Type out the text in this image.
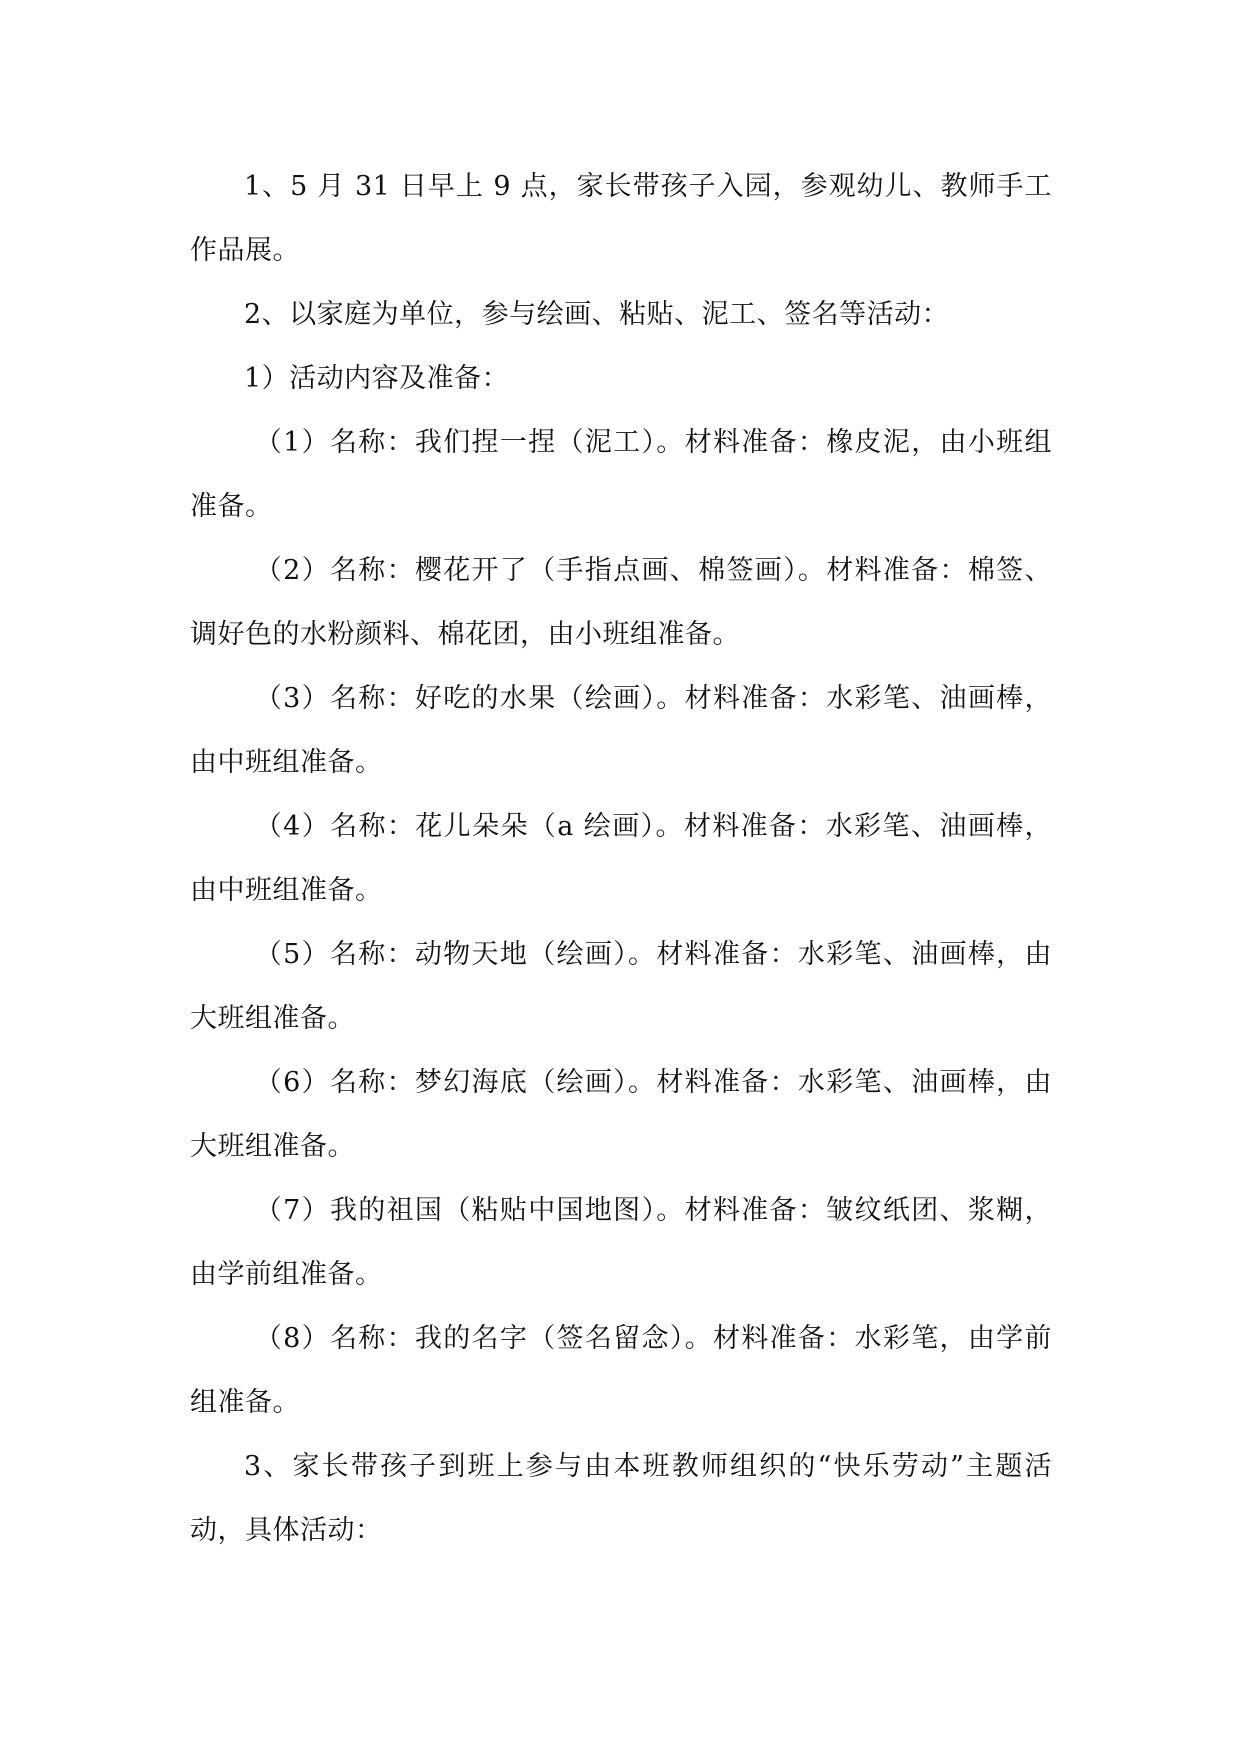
1、5 月 31 日早上 9 点，家长带孩子入园，参观幼儿、教师手工作品展。

2、以家庭为单位，参与绘画、粘贴、泥工、签名等活动：

1）活动内容及准备：

（1）名称：我们捏一捏（泥工）。材料准备：橡皮泥，由小班组准备。

（2）名称：樱花开了（手指点画、棉签画）。材料准备：棉签、调好色的水粉颜料、棉花团，由小班组准备。

（3）名称：好吃的水果（绘画）。材料准备：水彩笔、油画棒，由中班组准备。

（4）名称：花儿朵朵（a 绘画）。材料准备：水彩笔、油画棒，由中班组准备。

（5）名称：动物天地（绘画）。材料准备：水彩笔、油画棒，由大班组准备。

（6）名称：梦幻海底（绘画）。材料准备：水彩笔、油画棒，由大班组准备。

（7）我的祖国（粘贴中国地图）。材料准备：皱纹纸团、浆糊，由学前组准备。

（8）名称：我的名字（签名留念）。材料准备：水彩笔，由学前组准备。

3、家长带孩子到班上参与由本班教师组织的“快乐劳动”主题活动，具体活动：
